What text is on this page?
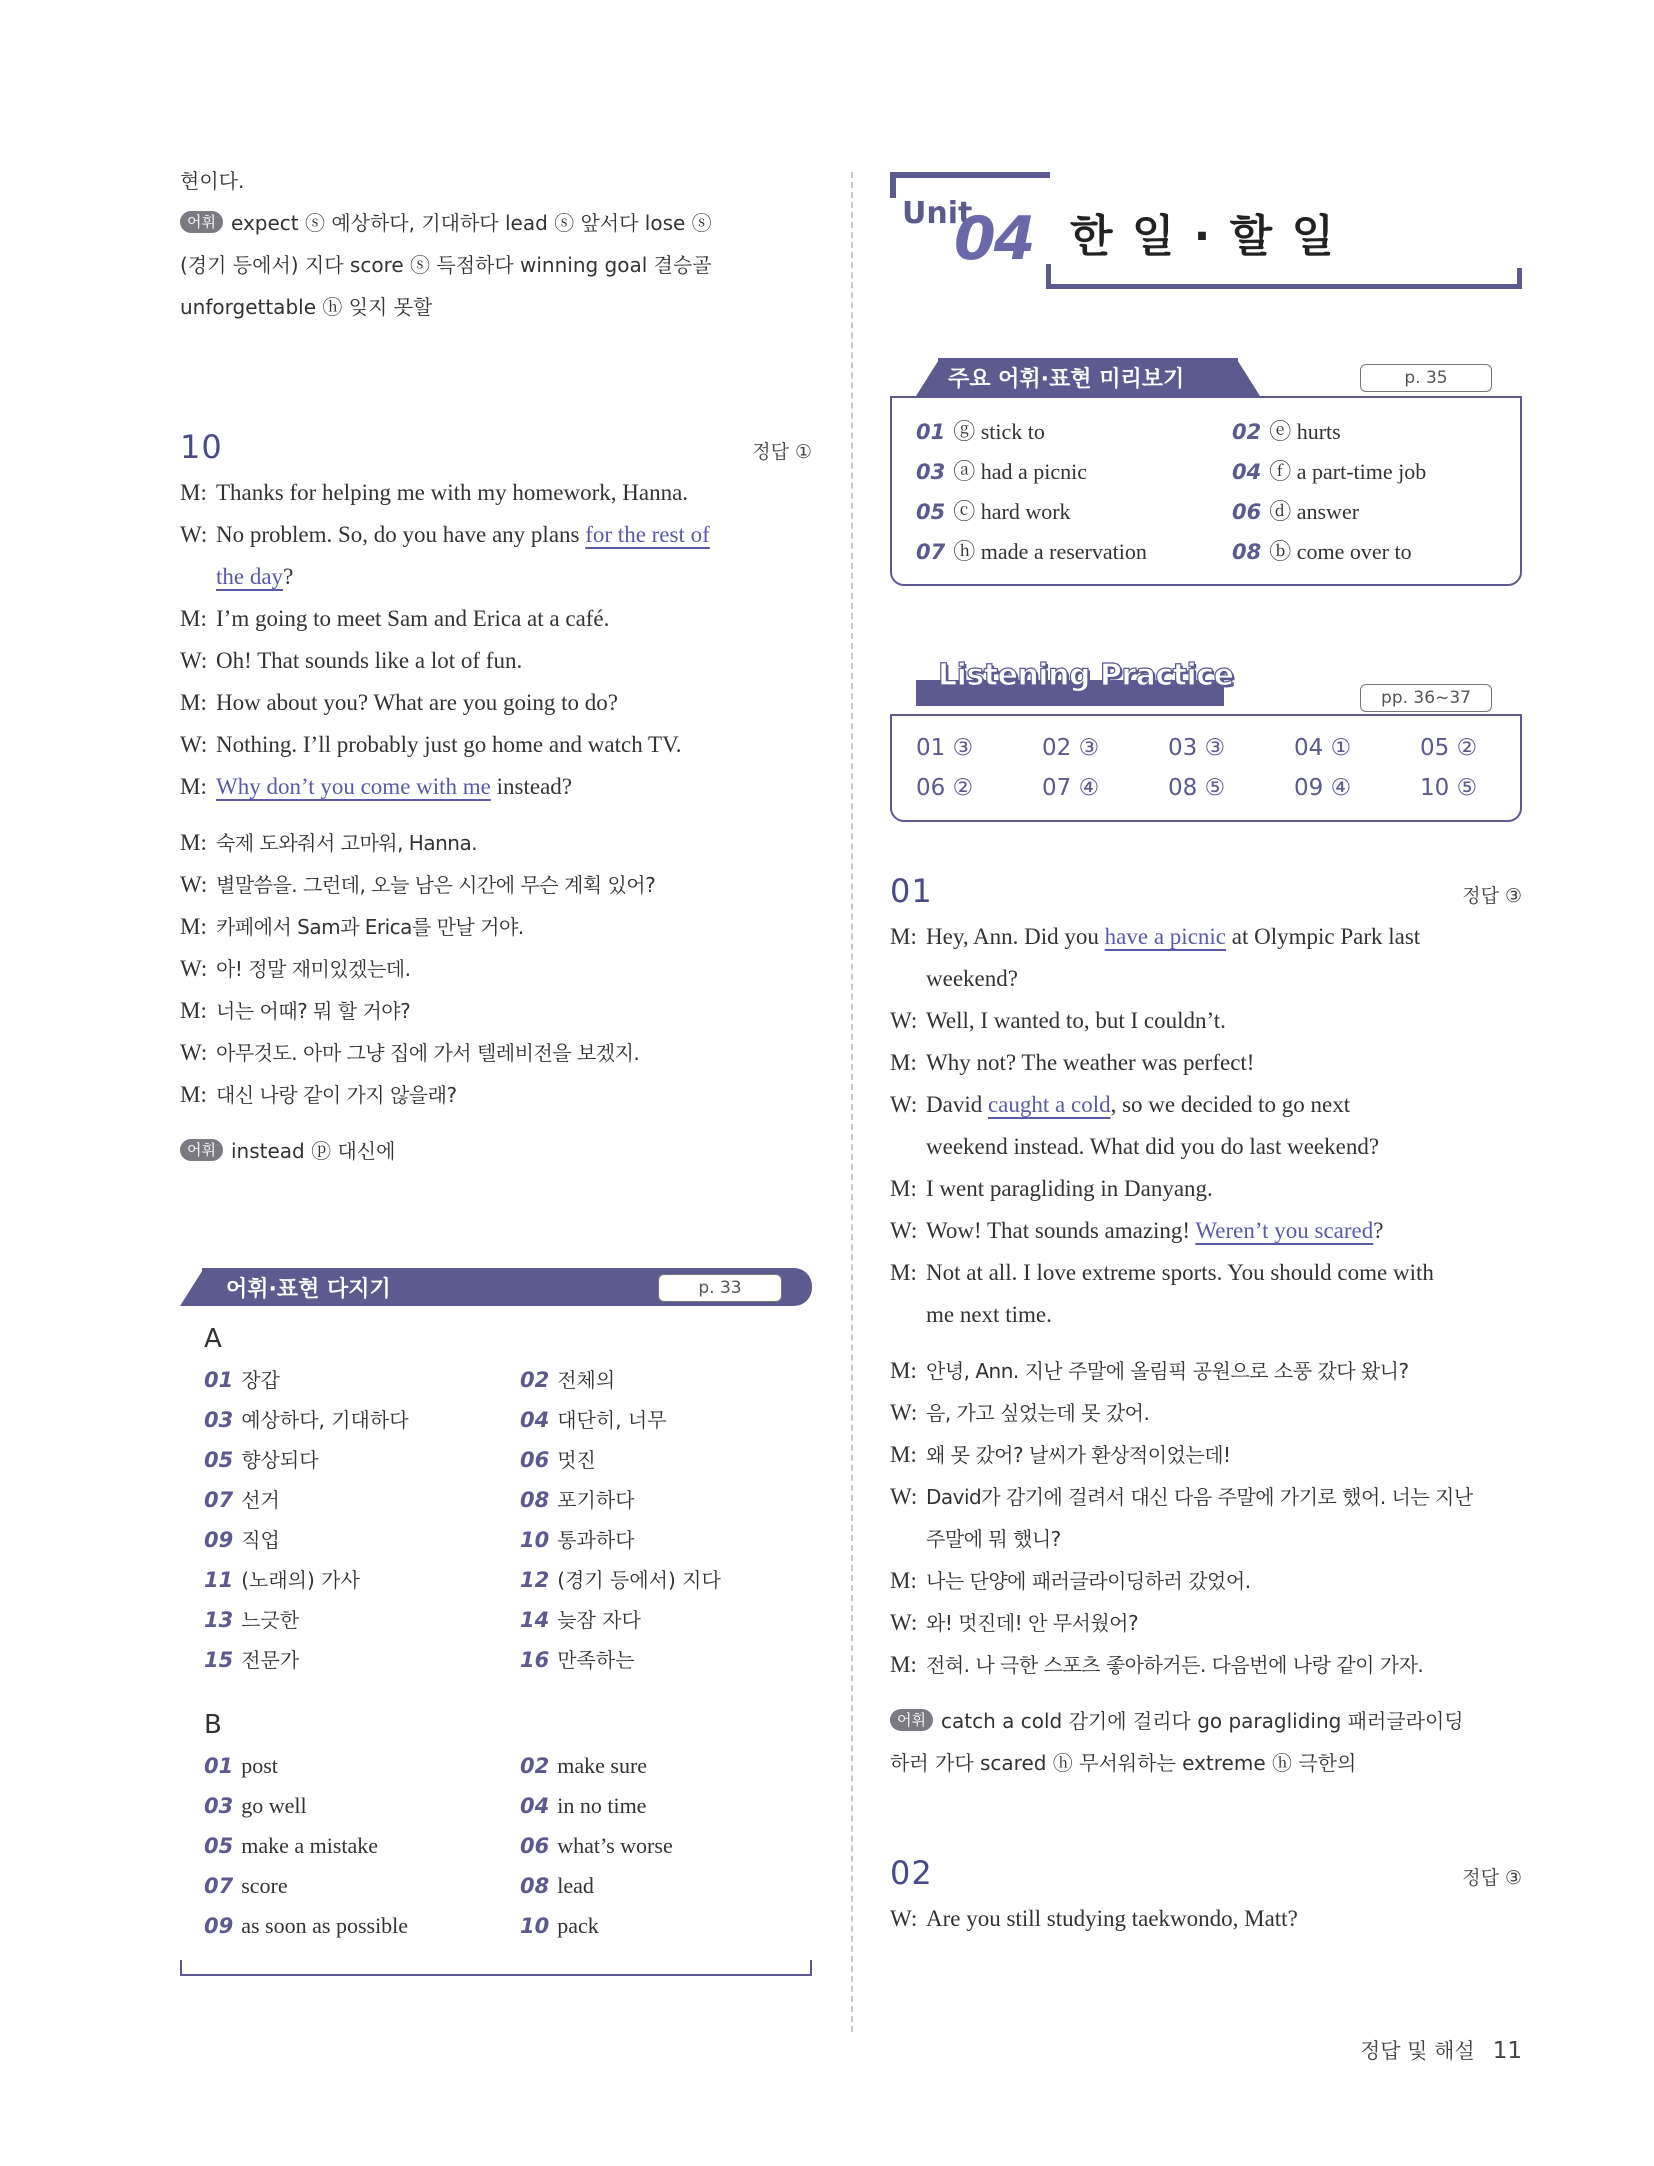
현이다.
어휘 expect ⓢ 예상하다, 기대하다 lead ⓢ 앞서다 lose ⓢ
(경기 등에서) 지다 score ⓢ 득점하다 winning goal 결승골
unforgettable ⓗ 잊지 못할
10	정답 ①
M: Thanks for helping me with my homework, Hanna.
W: No problem. So, do you have any plans for the rest of
the day?
M: I’m going to meet Sam and Erica at a café.
W: Oh! That sounds like a lot of fun.
M: How about you? What are you going to do?
W: Nothing. I’ll probably just go home and watch TV.
M: Why don’t you come with me instead?
M: 숙제 도와줘서 고마워, Hanna.
W: 별말씀을. 그런데, 오늘 남은 시간에 무슨 계획 있어?
M: 카페에서 Sam과 Erica를 만날 거야.
W: 아! 정말 재미있겠는데.
M: 너는 어때? 뭐 할 거야?
W: 아무것도. 아마 그냥 집에 가서 텔레비전을 보겠지.
M: 대신 나랑 같이 가지 않을래?
어휘 instead ⓟ 대신에
어휘·표현 다지기	p. 33
A
01 장갑	02 전체의
03 예상하다, 기대하다	04 대단히, 너무
05 향상되다	06 멋진
07 선거	08 포기하다
09 직업	10 통과하다
11 (노래의) 가사	12 (경기 등에서) 지다
13 느긋한	14 늦잠 자다
15 전문가	16 만족하는
B
01 post	02 make sure
03 go well	04 in no time
05 make a mistake	06 what’s worse
07 score	08 lead
09 as soon as possible	10 pack
Unit
04 한 일 · 할 일
주요 어휘·표현 미리보기	p. 35
01 ⓖ stick to	02 ⓔ hurts
03 ⓐ had a picnic	04 ⓕ a part-time job
05 ⓒ hard work	06 ⓓ answer
07 ⓗ made a reservation	08 ⓑ come over to
Listening Practice
pp. 36~37
01 ③	02 ③	03 ③	04 ①	05 ②
06 ②	07 ④	08 ⑤	09 ④	10 ⑤
01	정답 ③
M: Hey, Ann. Did you have a picnic at Olympic Park last
weekend?
W: Well, I wanted to, but I couldn’t.
M: Why not? The weather was perfect!
W: David caught a cold, so we decided to go next
weekend instead. What did you do last weekend?
M: I went paragliding in Danyang.
W: Wow! That sounds amazing! Weren’t you scared?
M: Not at all. I love extreme sports. You should come with
me next time.
M: 안녕, Ann. 지난 주말에 올림픽 공원으로 소풍 갔다 왔니?
W: 음, 가고 싶었는데 못 갔어.
M: 왜 못 갔어? 날씨가 환상적이었는데!
W: David가 감기에 걸려서 대신 다음 주말에 가기로 했어. 너는 지난
주말에 뭐 했니?
M: 나는 단양에 패러글라이딩하러 갔었어.
W: 와! 멋진데! 안 무서웠어?
M: 전혀. 나 극한 스포츠 좋아하거든. 다음번에 나랑 같이 가자.
어휘 catch a cold 감기에 걸리다 go paragliding 패러글라이딩
하러 가다 scared ⓗ 무서워하는 extreme ⓗ 극한의
02	정답 ③
W: Are you still studying taekwondo, Matt?
정답 및 해설 11
